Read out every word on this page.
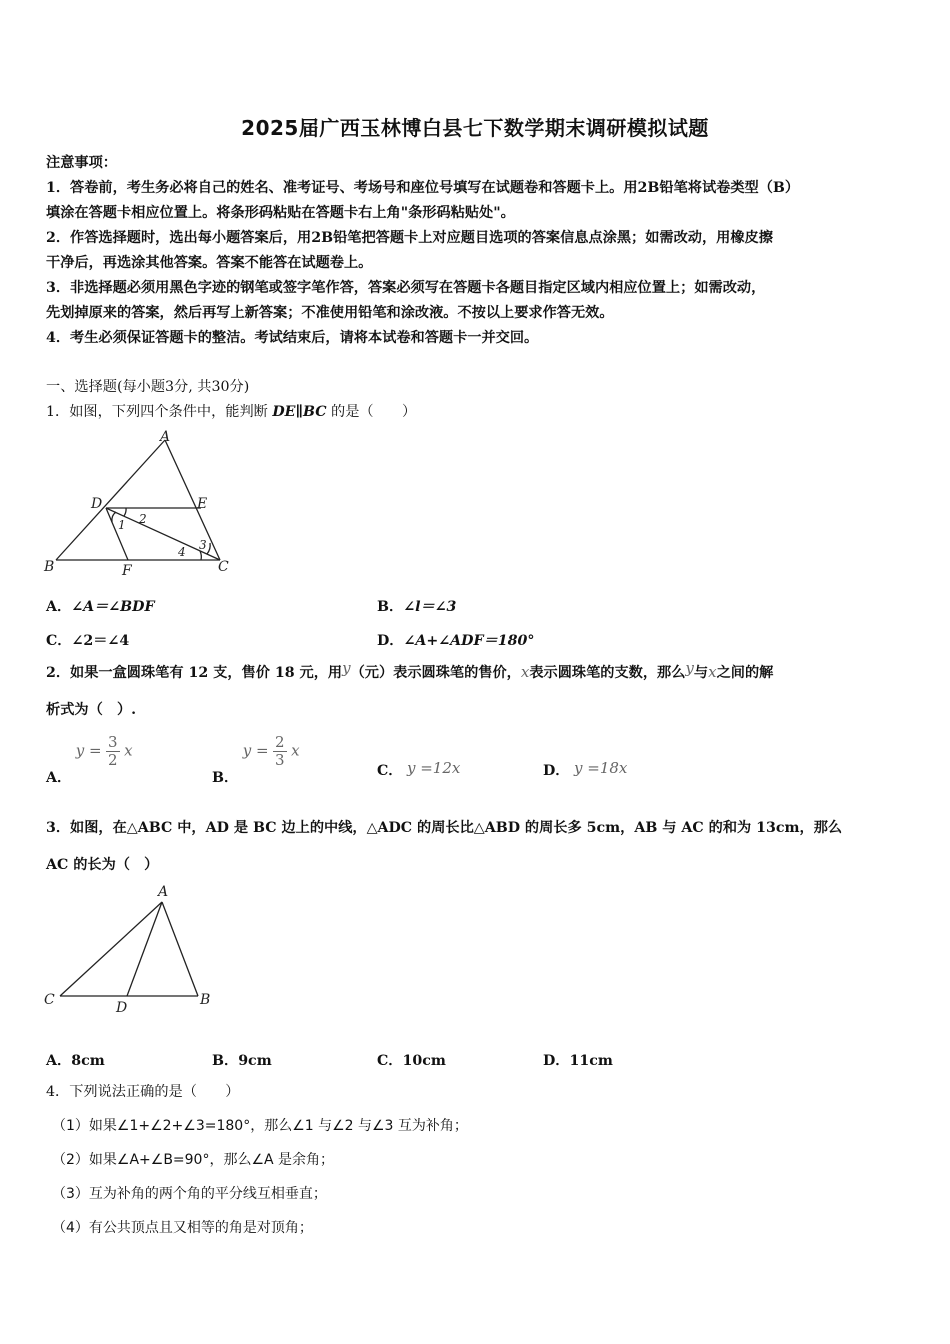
2025届广西玉林博白县七下数学期末调研模拟试题
注意事项：
1．答卷前，考生务必将自己的姓名、准考证号、考场号和座位号填写在试题卷和答题卡上。用2B铅笔将试卷类型（B）
填涂在答题卡相应位置上。将条形码粘贴在答题卡右上角"条形码粘贴处"。
2．作答选择题时，选出每小题答案后，用2B铅笔把答题卡上对应题目选项的答案信息点涂黑；如需改动，用橡皮擦
干净后，再选涂其他答案。答案不能答在试题卷上。
3．非选择题必须用黑色字迹的钢笔或签字笔作答，答案必须写在答题卡各题目指定区域内相应位置上；如需改动，
先划掉原来的答案，然后再写上新答案；不准使用铅笔和涂改液。不按以上要求作答无效。
4．考生必须保证答题卡的整洁。考试结束后，请将本试卷和答题卡一并交回。
一、选择题(每小题3分, 共30分)
1．如图，下列四个条件中，能判断 DE∥BC 的是（　　）
A
D	E
1 2
4 3
B	F	C
A．∠A＝∠BDF	B．∠l＝∠3
C．∠2＝∠4	D．∠A+∠ADF＝180°
2．如果一盒圆珠笔有 12 支，售价 18 元，用y（元）表示圆珠笔的售价，x表示圆珠笔的支数，那么y与x之间的解
析式为（　）.
A． $y = \frac{3}{2}$ x
B． $y = \frac{2}{3}$ x
C． y =12x	D． y =18x
3．如图，在△ABC 中，AD 是 BC 边上的中线，△ADC 的周长比△ABD 的周长多 5cm，AB 与 AC 的和为 13cm，那么
AC 的长为（　）
A
C	D	B
A．8cm	B．9cm	C．10cm	D．11cm
4．下列说法正确的是（　　）
（1）如果∠1+∠2+∠3=180°，那么∠1 与∠2 与∠3 互为补角；
（2）如果∠A+∠B=90°，那么∠A 是余角；
（3）互为补角的两个角的平分线互相垂直；
（4）有公共顶点且又相等的角是对顶角；
